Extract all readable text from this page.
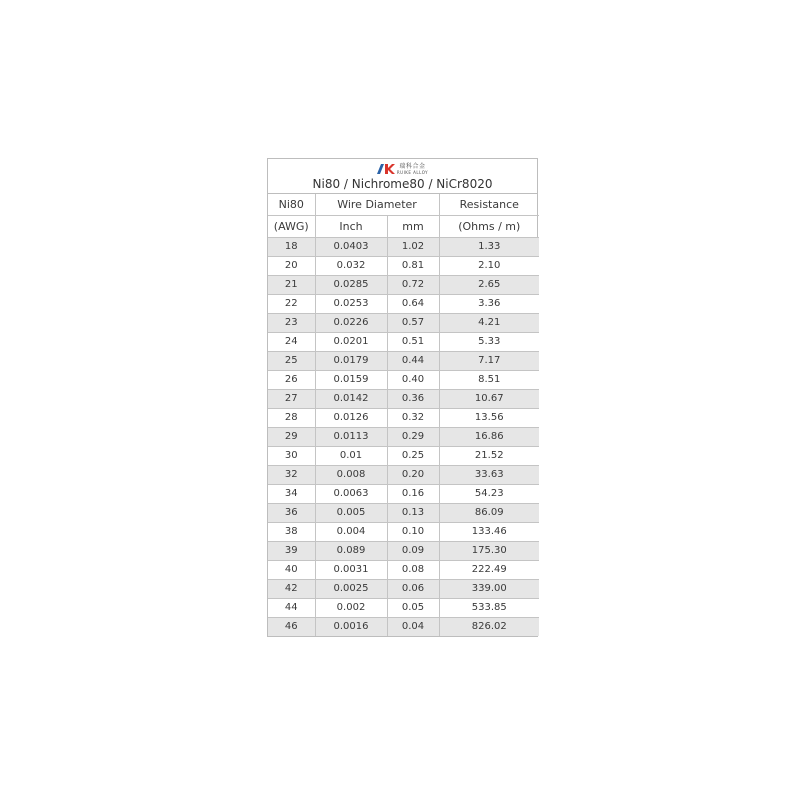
瑞科合金
RUIKE ALLOY
Ni80 / Nichrome80 / NiCr8020
Ni80	Wire Diameter		Resistance
(AWG)	Inch	mm	(Ohms / m)
18	0.0403	1.02	1.33
20	0.032	0.81	2.10
21	0.0285	0.72	2.65
22	0.0253	0.64	3.36
23	0.0226	0.57	4.21
24	0.0201	0.51	5.33
25	0.0179	0.44	7.17
26	0.0159	0.40	8.51
27	0.0142	0.36	10.67
28	0.0126	0.32	13.56
29	0.0113	0.29	16.86
30	0.01	0.25	21.52
32	0.008	0.20	33.63
34	0.0063	0.16	54.23
36	0.005	0.13	86.09
38	0.004	0.10	133.46
39	0.089	0.09	175.30
40	0.0031	0.08	222.49
42	0.0025	0.06	339.00
44	0.002	0.05	533.85
46	0.0016	0.04	826.02
